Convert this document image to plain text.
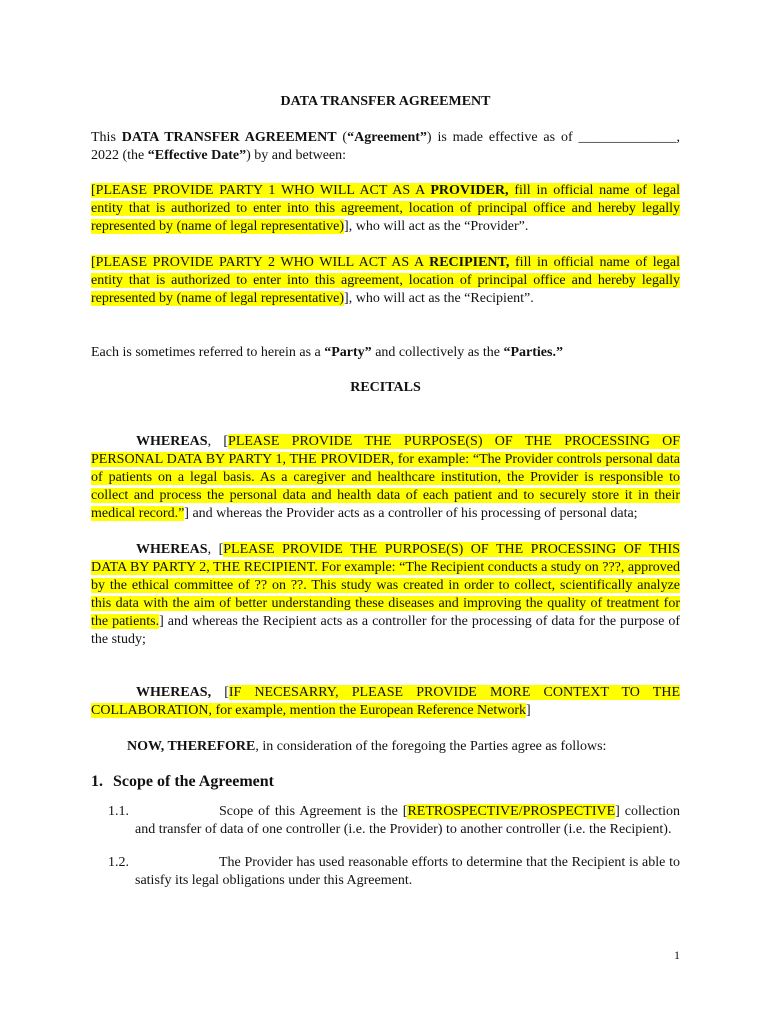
DATA TRANSFER AGREEMENT

This DATA TRANSFER AGREEMENT (“Agreement”) is made effective as of ______________, 2022 (the “Effective Date”) by and between:

[PLEASE PROVIDE PARTY 1 WHO WILL ACT AS A PROVIDER, fill in official name of legal entity that is authorized to enter into this agreement, location of principal office and hereby legally represented by (name of legal representative)], who will act as the “Provider”.

[PLEASE PROVIDE PARTY 2 WHO WILL ACT AS A RECIPIENT, fill in official name of legal entity that is authorized to enter into this agreement, location of principal office and hereby legally represented by (name of legal representative)], who will act as the “Recipient”.

Each is sometimes referred to herein as a “Party” and collectively as the “Parties.”

RECITALS

WHEREAS, [PLEASE PROVIDE THE PURPOSE(S) OF THE PROCESSING OF PERSONAL DATA BY PARTY 1, THE PROVIDER, for example: “The Provider controls personal data of patients on a legal basis. As a caregiver and healthcare institution, the Provider is responsible to collect and process the personal data and health data of each patient and to securely store it in their medical record.”] and whereas the Provider acts as a controller of his processing of personal data;

WHEREAS, [PLEASE PROVIDE THE PURPOSE(S) OF THE PROCESSING OF THIS DATA BY PARTY 2, THE RECIPIENT. For example: “The Recipient conducts a study on ???, approved by the ethical committee of ?? on ??. This study was created in order to collect, scientifically analyze this data with the aim of better understanding these diseases and improving the quality of treatment for the patients.] and whereas the Recipient acts as a controller for the processing of data for the purpose of the study;

WHEREAS, [IF NECESARRY, PLEASE PROVIDE MORE CONTEXT TO THE COLLABORATION, for example, mention the European Reference Network]

NOW, THEREFORE, in consideration of the foregoing the Parties agree as follows:

1. Scope of the Agreement

1.1.	Scope of this Agreement is the [RETROSPECTIVE/PROSPECTIVE] collection and transfer of data of one controller (i.e. the Provider) to another controller (i.e. the Recipient).

1.2.	The Provider has used reasonable efforts to determine that the Recipient is able to satisfy its legal obligations under this Agreement.

1
